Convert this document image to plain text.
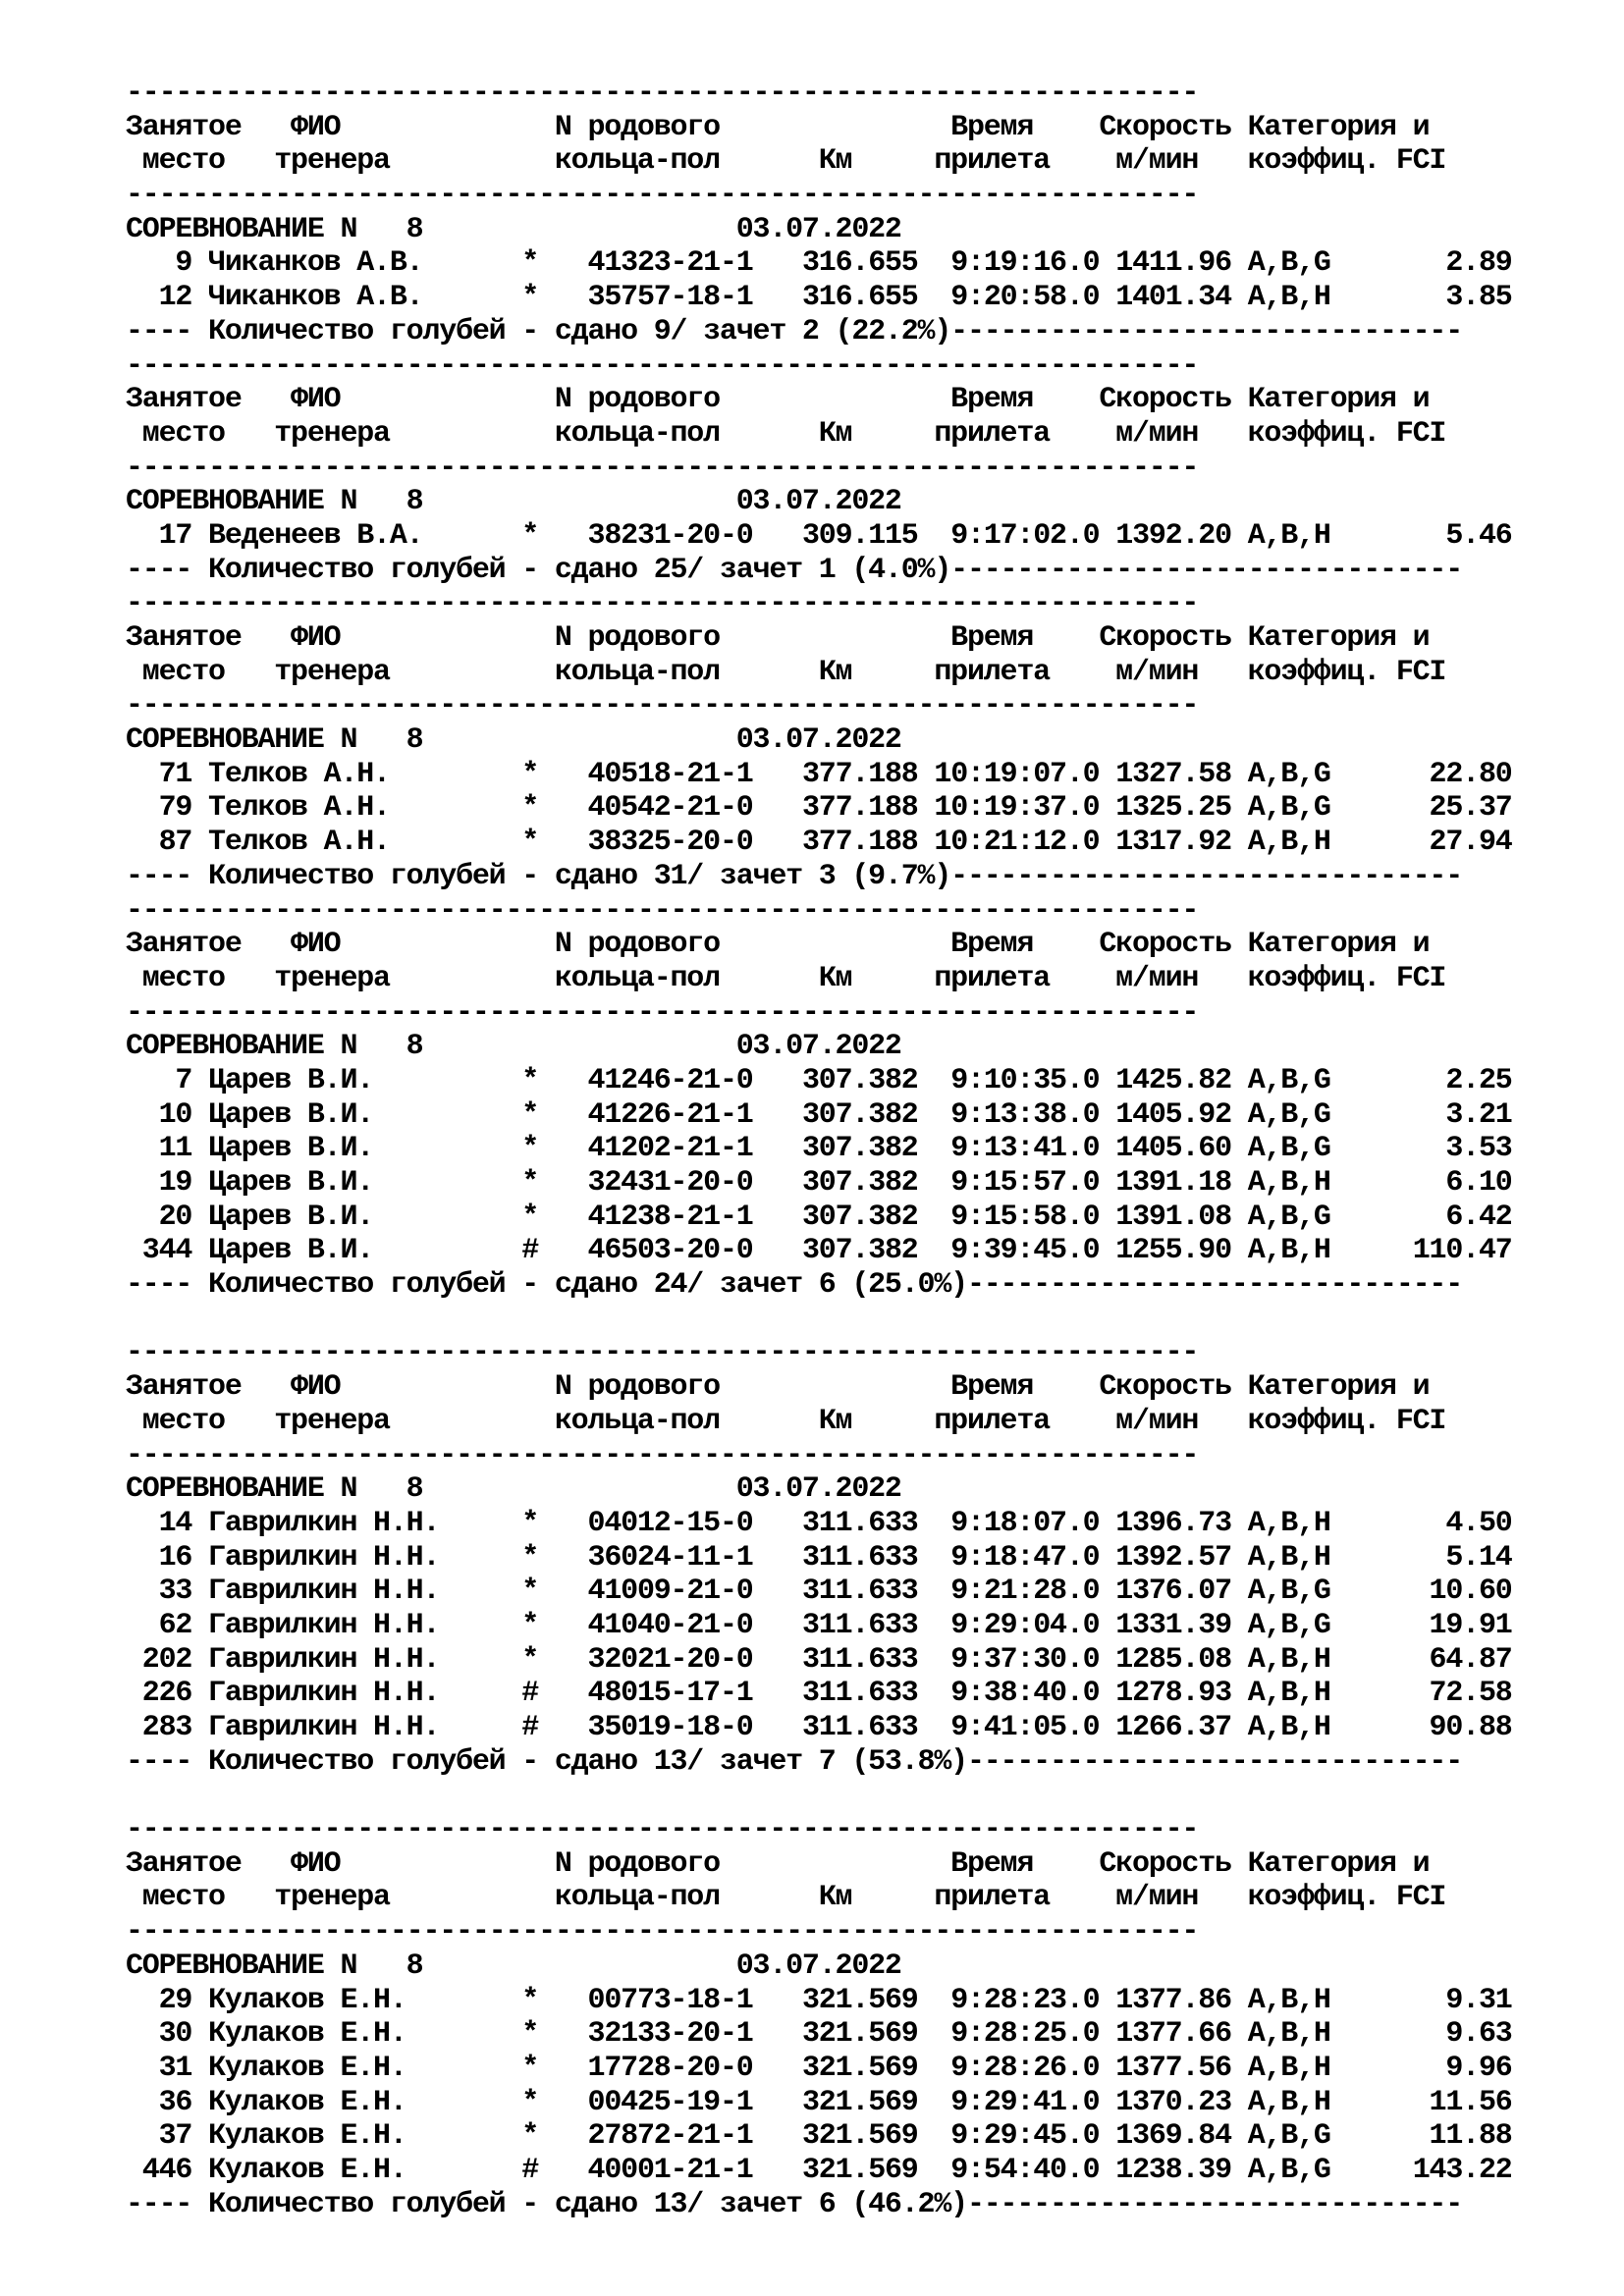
-----------------------------------------------------------------
Занятое   ФИО             N родового              Время    Скорость Категория и
место   тренера          кольца-пол      Км     прилета    м/мин   коэффиц. FCI
-----------------------------------------------------------------
СОРЕВНОВАНИЕ N   8                   03.07.2022
9 Чиканков А.В.      * 41323-21-1 316.655  9:19:16.0 1411.96 A,B,G       2.89
12 Чиканков А.В.      * 35757-18-1 316.655  9:20:58.0 1401.34 A,B,H       3.85
---- Количество голубей - сдано 9/ зачет 2 (22.2%)-------------------------------
-----------------------------------------------------------------
Занятое   ФИО             N родового              Время    Скорость Категория и
место   тренера          кольца-пол      Км     прилета    м/мин   коэффиц. FCI
-----------------------------------------------------------------
СОРЕВНОВАНИЕ N   8                   03.07.2022
17 Веденеев В.А.      * 38231-20-0 309.115  9:17:02.0 1392.20 A,B,H       5.46
---- Количество голубей - сдано 25/ зачет 1 (4.0%)-------------------------------
-----------------------------------------------------------------
Занятое   ФИО             N родового              Время    Скорость Категория и
место   тренера          кольца-пол      Км     прилета    м/мин   коэффиц. FCI
-----------------------------------------------------------------
СОРЕВНОВАНИЕ N   8                   03.07.2022
71 Телков А.Н.        * 40518-21-1 377.188 10:19:07.0 1327.58 A,B,G      22.80
79 Телков А.Н.        * 40542-21-0 377.188 10:19:37.0 1325.25 A,B,G      25.37
87 Телков А.Н.        * 38325-20-0 377.188 10:21:12.0 1317.92 A,B,H      27.94
---- Количество голубей - сдано 31/ зачет 3 (9.7%)-------------------------------
-----------------------------------------------------------------
Занятое   ФИО             N родового              Время    Скорость Категория и
место   тренера          кольца-пол      Км     прилета    м/мин   коэффиц. FCI
-----------------------------------------------------------------
СОРЕВНОВАНИЕ N   8                   03.07.2022
7 Царев В.И.         * 41246-21-0 307.382  9:10:35.0 1425.82 A,B,G       2.25
10 Царев В.И.         * 41226-21-1 307.382  9:13:38.0 1405.92 A,B,G       3.21
11 Царев В.И.         * 41202-21-1 307.382  9:13:41.0 1405.60 A,B,G       3.53
19 Царев В.И.         * 32431-20-0 307.382  9:15:57.0 1391.18 A,B,H       6.10
20 Царев В.И.         * 41238-21-1 307.382  9:15:58.0 1391.08 A,B,G       6.42
344 Царев В.И.         # 46503-20-0 307.382  9:39:45.0 1255.90 A,B,H     110.47
---- Количество голубей - сдано 24/ зачет 6 (25.0%)------------------------------
-----------------------------------------------------------------
Занятое   ФИО             N родового              Время    Скорость Категория и
место   тренера          кольца-пол      Км     прилета    м/мин   коэффиц. FCI
-----------------------------------------------------------------
СОРЕВНОВАНИЕ N   8                   03.07.2022
14 Гаврилкин Н.Н.     * 04012-15-0 311.633  9:18:07.0 1396.73 A,B,H       4.50
16 Гаврилкин Н.Н.     * 36024-11-1 311.633  9:18:47.0 1392.57 A,B,H       5.14
33 Гаврилкин Н.Н.     * 41009-21-0 311.633  9:21:28.0 1376.07 A,B,G      10.60
62 Гаврилкин Н.Н.     * 41040-21-0 311.633  9:29:04.0 1331.39 A,B,G      19.91
202 Гаврилкин Н.Н.     * 32021-20-0 311.633  9:37:30.0 1285.08 A,B,H      64.87
226 Гаврилкин Н.Н.     # 48015-17-1 311.633  9:38:40.0 1278.93 A,B,H      72.58
283 Гаврилкин Н.Н.     # 35019-18-0 311.633  9:41:05.0 1266.37 A,B,H      90.88
---- Количество голубей - сдано 13/ зачет 7 (53.8%)------------------------------
-----------------------------------------------------------------
Занятое   ФИО             N родового              Время    Скорость Категория и
место   тренера          кольца-пол      Км     прилета    м/мин   коэффиц. FCI
-----------------------------------------------------------------
СОРЕВНОВАНИЕ N   8                   03.07.2022
29 Кулаков Е.Н.       * 00773-18-1 321.569  9:28:23.0 1377.86 A,B,H       9.31
30 Кулаков Е.Н.       * 32133-20-1 321.569  9:28:25.0 1377.66 A,B,H       9.63
31 Кулаков Е.Н.       * 17728-20-0 321.569  9:28:26.0 1377.56 A,B,H       9.96
36 Кулаков Е.Н.       * 00425-19-1 321.569  9:29:41.0 1370.23 A,B,H      11.56
37 Кулаков Е.Н.       * 27872-21-1 321.569  9:29:45.0 1369.84 A,B,G      11.88
446 Кулаков Е.Н.       # 40001-21-1 321.569  9:54:40.0 1238.39 A,B,G     143.22
---- Количество голубей - сдано 13/ зачет 6 (46.2%)------------------------------
